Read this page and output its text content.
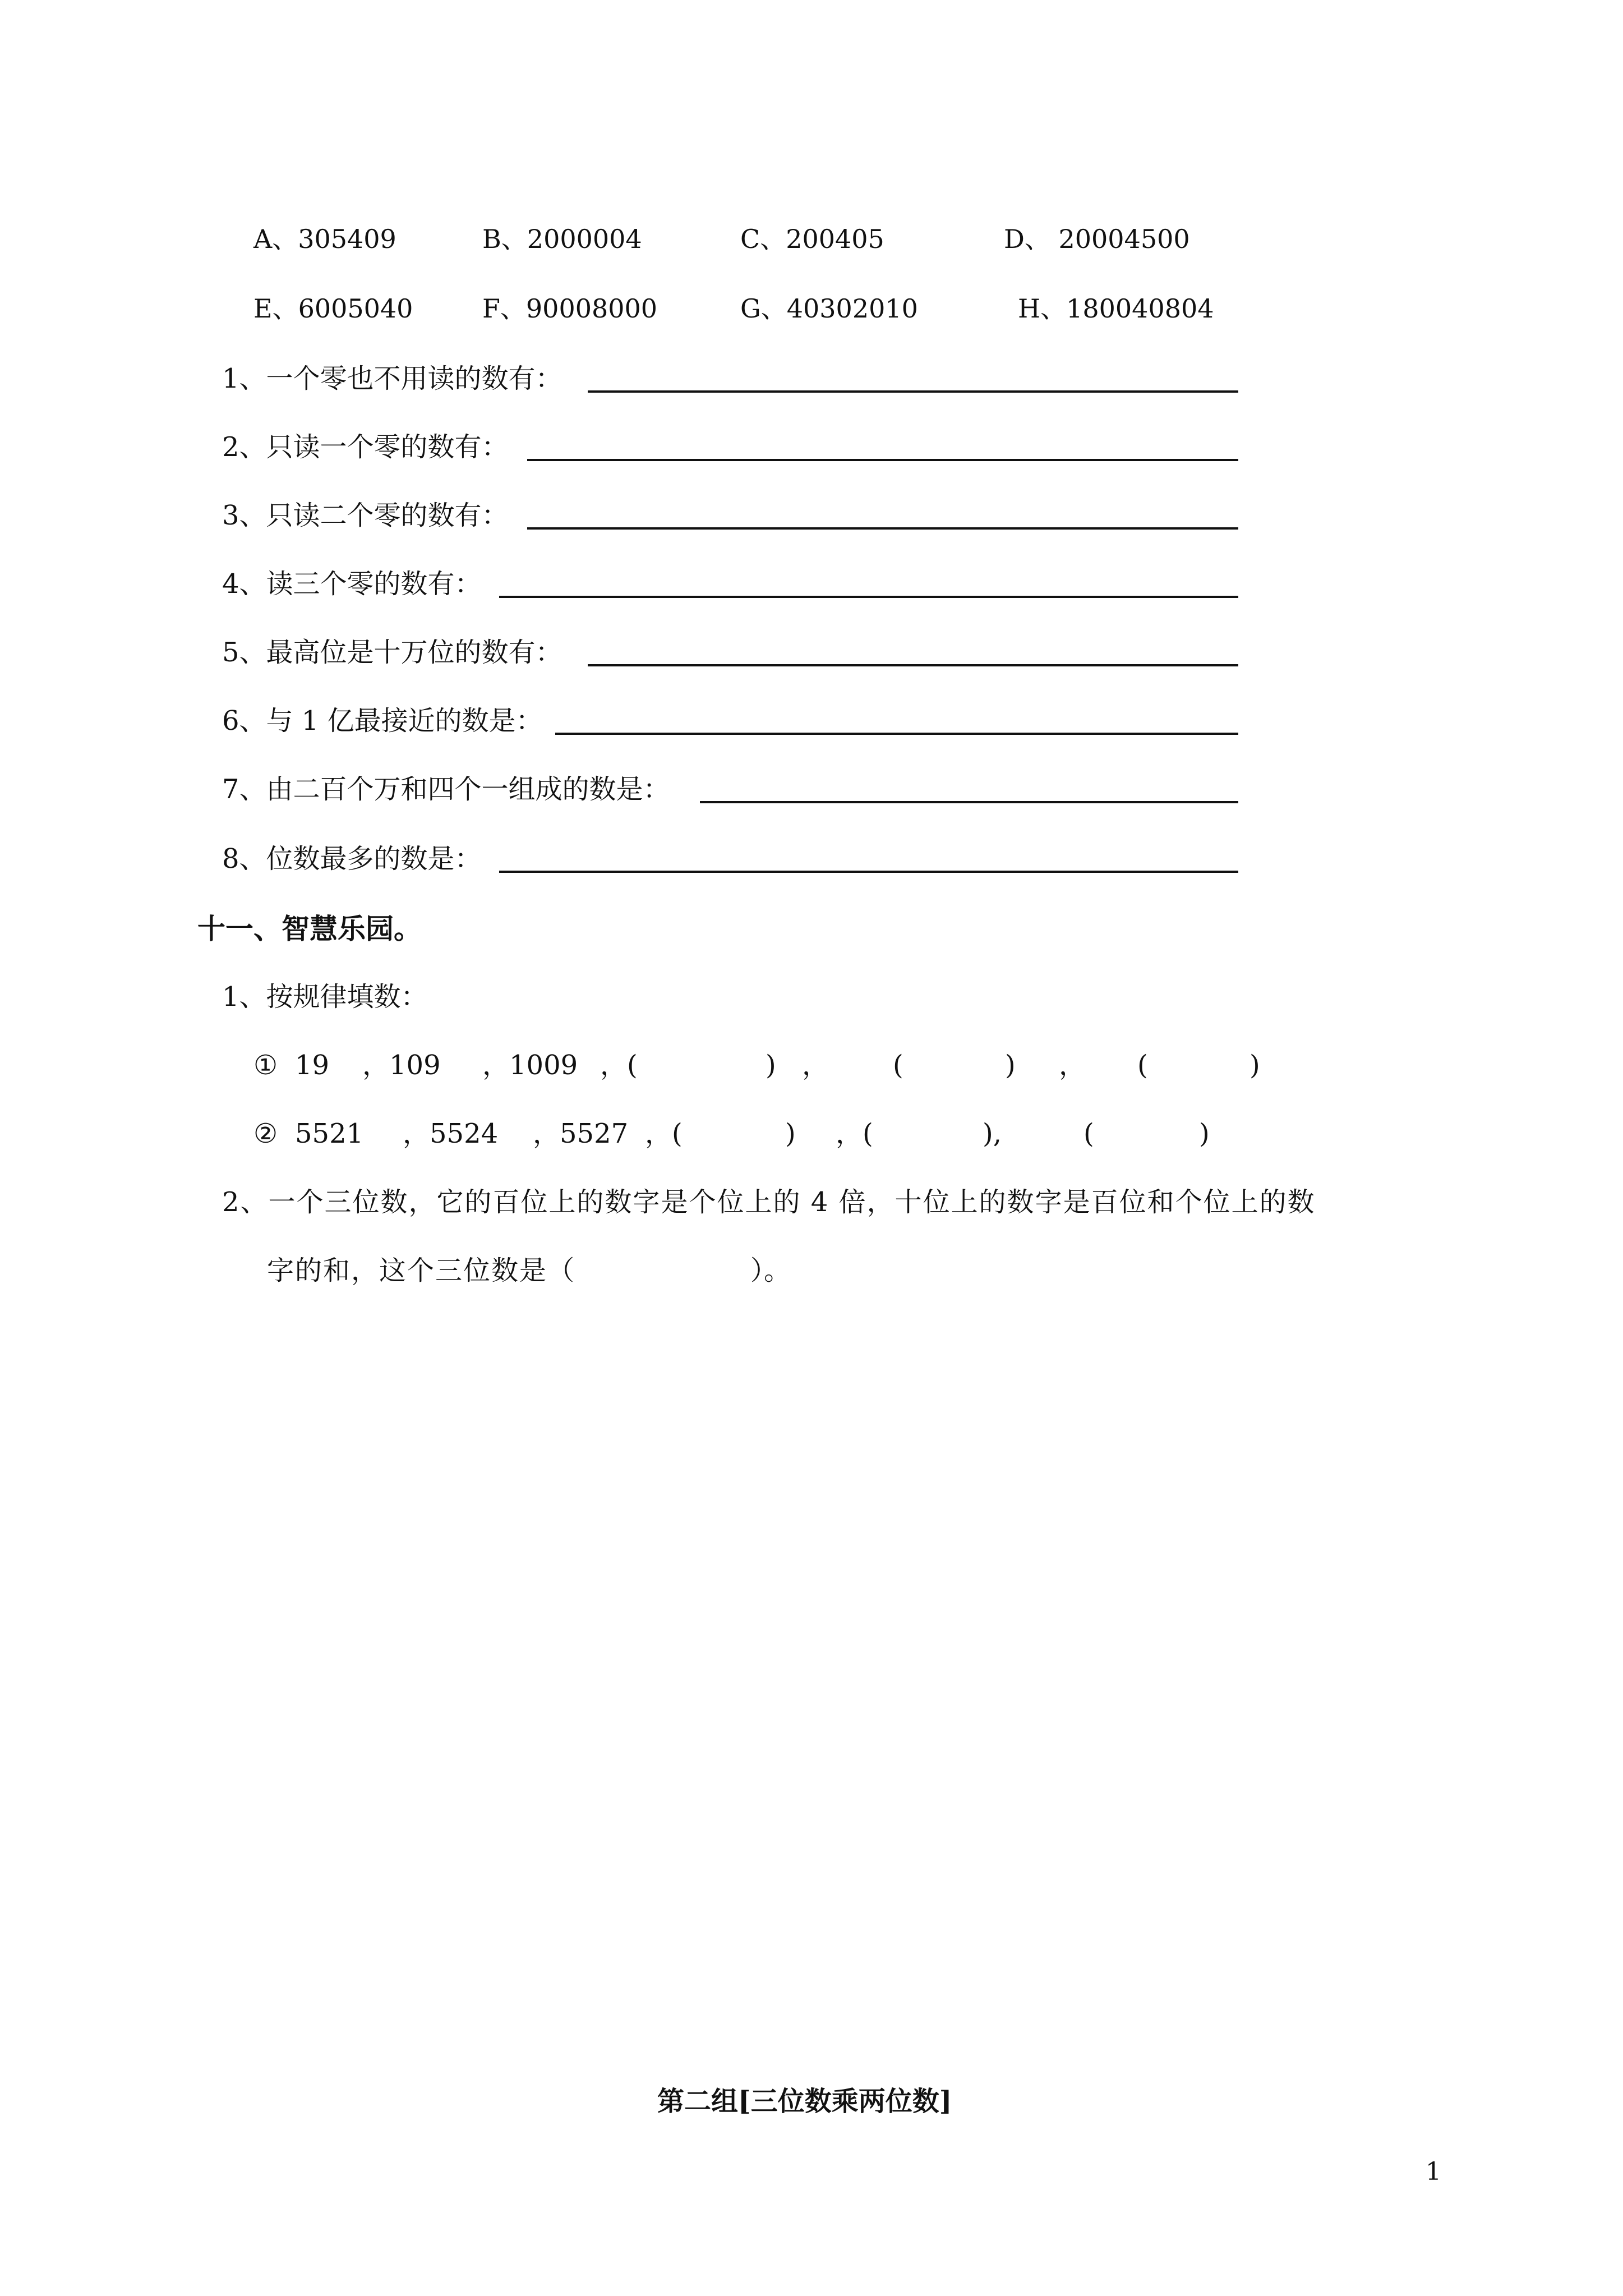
A、305409	B、2000004	C、200405	D、 20004500
E、6005040	F、90008000	G、40302010	H、180040804
1、一个零也不用读的数有：
2、只读一个零的数有：
3、只读二个零的数有：
4、读三个零的数有：
5、最高位是十万位的数有：
6、与 1 亿最接近的数是：
7、由二百个万和四个一组成的数是：
8、位数最多的数是：
十一、智慧乐园。
1、按规律填数：
① 19 ，109 ，1009 ，(	) ， (	) ， (	)
② 5521 ，5524 ，5527 ，(	) ，(	),	(	)
2、一个三位数，它的百位上的数字是个位上的 4 倍，十位上的数字是百位和个位上的数
字的和，这个三位数是（	）。
第二组[三位数乘两位数]
1
